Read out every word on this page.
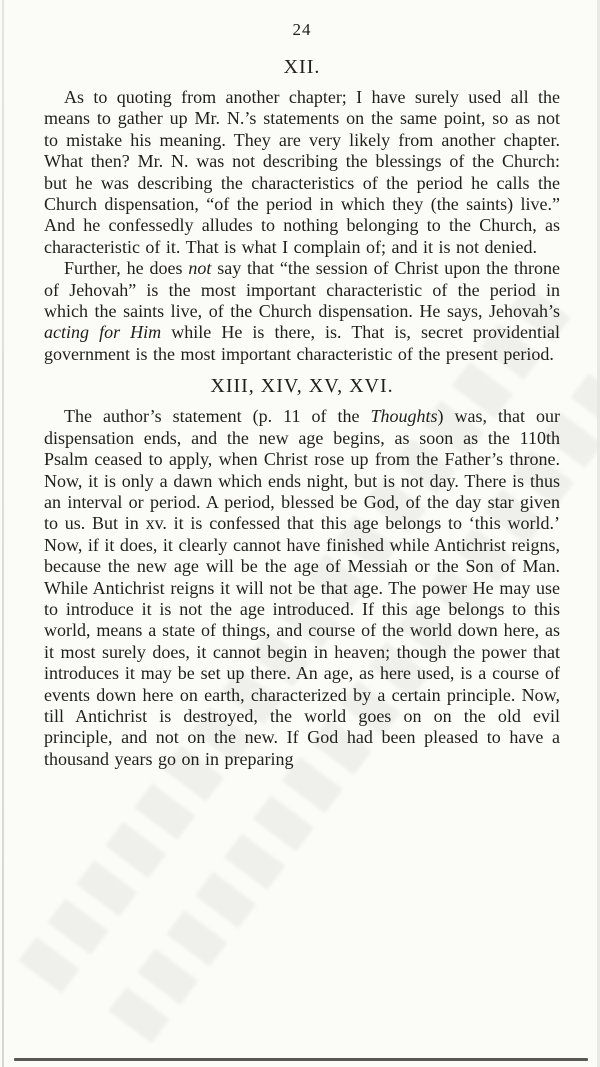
24
XII.

As to quoting from another chapter; I have surely used all the means to gather up Mr. N.’s statements on the same point, so as not to mistake his meaning. They are very likely from another chapter. What then? Mr. N. was not describing the blessings of the Church: but he was describing the characteristics of the period he calls the Church dispensation, “of the period in which they (the saints) live.” And he confessedly alludes to nothing belonging to the Church, as characteristic of it. That is what I complain of; and it is not denied.

Further, he does not say that “the session of Christ upon the throne of Jehovah” is the most important characteristic of the period in which the saints live, of the Church dispensation. He says, Jehovah’s acting for Him while He is there, is. That is, secret providential government is the most important characteristic of the present period.

XIII, XIV, XV, XVI.

The author’s statement (p. 11 of the Thoughts) was, that our dispensation ends, and the new age begins, as soon as the 110th Psalm ceased to apply, when Christ rose up from the Father’s throne. Now, it is only a dawn which ends night, but is not day. There is thus an interval or period. A period, blessed be God, of the day star given to us. But in xv. it is confessed that this age belongs to ‘this world.’ Now, if it does, it clearly cannot have finished while Antichrist reigns, because the new age will be the age of Messiah or the Son of Man. While Antichrist reigns it will not be that age. The power He may use to introduce it is not the age introduced. If this age belongs to this world, means a state of things, and course of the world down here, as it most surely does, it cannot begin in heaven; though the power that introduces it may be set up there. An age, as here used, is a course of events down here on earth, characterized by a certain principle. Now, till Antichrist is destroyed, the world goes on on the old evil principle, and not on the new. If God had been pleased to have a thousand years go on in preparing
